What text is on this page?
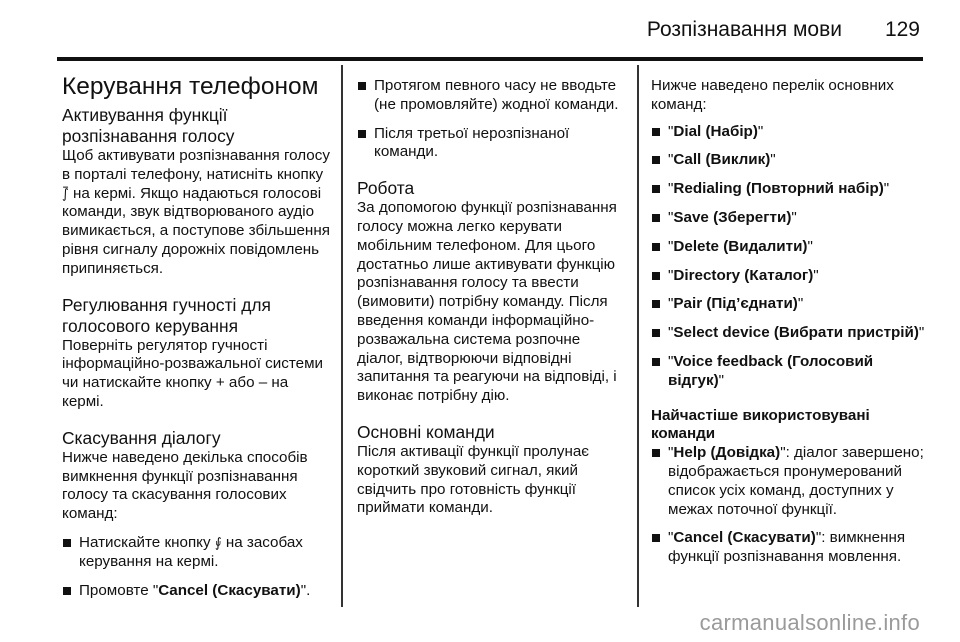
Розпізнавання мови 129
Керування телефоном
Активування функції розпізнавання голосу
Щоб активувати розпізнавання голосу в порталі телефону, натисніть кнопку ⨛ на кермі. Якщо надаються голосові команди, звук відтворюваного аудіо вимикається, а поступове збільшення рівня сигналу дорожніх повідомлень припиняється.
Регулювання гучності для голосового керування
Поверніть регулятор гучності інформаційно-розважальної системи чи натискайте кнопку + або – на кермі.
Скасування діалогу
Нижче наведено декілька способів вимкнення функції розпізнавання голосу та скасування голосових команд:
Натискайте кнопку ⨚ на засобах керування на кермі.
Промовте "Cancel (Скасувати)".
Протягом певного часу не вводьте (не промовляйте) жодної команди.
Після третьої нерозпізнаної команди.
Робота
За допомогою функції розпізнавання голосу можна легко керувати мобільним телефоном. Для цього достатньо лише активувати функцію розпізнавання голосу та ввести (вимовити) потрібну команду. Після введення команди інформаційно-розважальна система розпочне діалог, відтворюючи відповідні запитання та реагуючи на відповіді, і виконає потрібну дію.
Основні команди
Після активації функції пролунає короткий звуковий сигнал, який свідчить про готовність функції приймати команди.
Нижче наведено перелік основних команд:
"Dial (Набір)"
"Call (Виклик)"
"Redialing (Повторний набір)"
"Save (Зберегти)"
"Delete (Видалити)"
"Directory (Каталог)"
"Pair (Під’єднати)"
"Select device (Вибрати пристрій)"
"Voice feedback (Голосовий відгук)"
Найчастіше використовувані команди
"Help (Довідка)": діалог завершено; відображається пронумерований список усіх команд, доступних у межах поточної функції.
"Cancel (Скасувати)": вимкнення функції розпізнавання мовлення.
carmanualsonline.info
